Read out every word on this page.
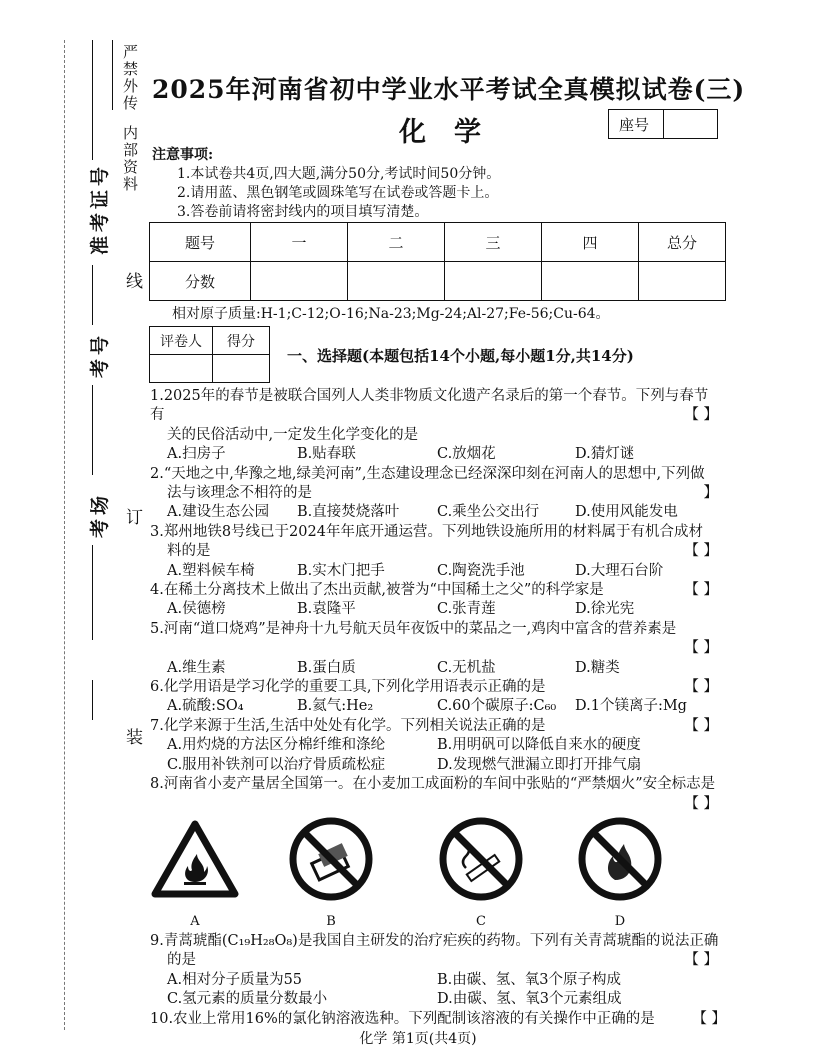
严禁外传
内部资料
准考证号
线
考号
考场 订
装
2025年河南省初中学业水平考试全真模拟试卷(三)
化学	座号
注意事项:
1.本试卷共4页,四大题,满分50分,考试时间50分钟。
2.请用蓝、黑色钢笔或圆珠笔写在试卷或答题卡上。
3.答卷前请将密封线内的项目填写清楚。
题号	一	二	三	四	总分
分数					
相对原子质量:H-1;C-12;O-16;Na-23;Mg-24;Al-27;Fe-56;Cu-64。
评卷人	得分

一、选择题(本题包括14个小题,每小题1分,共14分)
1.2025年的春节是被联合国列人人类非物质文化遗产名录后的第一个春节。下列与春节有
关的民俗活动中,一定发生化学变化的是
【 】
A.扫房子	B.贴春联	C.放烟花	D.猜灯谜
2.“天地之中,华豫之地,绿美河南”,生态建设理念已经深深印刻在河南人的思想中,下列做
法与该理念不相符的是	】
A.建设生态公园	B.直接焚烧落叶	C.乘坐公交出行	D.使用风能发电
3.郑州地铁8号线已于2024年年底开通运营。下列地铁设施所用的材料属于有机合成材
料的是	【 】
A.塑料候车椅	B.实木门把手	C.陶瓷洗手池	D.大理石台阶
4.在稀土分离技术上做出了杰出贡献,被誉为“中国稀土之父”的科学家是	【 】
A.侯德榜	B.袁隆平	C.张青莲	D.徐光宪
5.河南“道口烧鸡”是神舟十九号航天员年夜饭中的菜品之一,鸡肉中富含的营养素是
【 】
A.维生素	B.蛋白质	C.无机盐	D.糖类
6.化学用语是学习化学的重要工具,下列化学用语表示正确的是	【 】
A.硫酸:SO₄	B.氦气:He₂	C.60个碳原子:C₆₀	D.1个镁离子:Mg
7.化学来源于生活,生活中处处有化学。下列相关说法正确的是	【 】
A.用灼烧的方法区分棉纤维和涤纶	B.用明矾可以降低自来水的硬度
C.服用补铁剂可以治疗骨质疏松症	D.发现燃气泄漏立即打开排气扇
8.河南省小麦产量居全国第一。在小麦加工成面粉的车间中张贴的“严禁烟火”安全标志是
【 】
A	B	C	D
9.青蒿琥酯(C₁₉H₂₈O₈)是我国自主研发的治疗疟疾的药物。下列有关青蒿琥酯的说法正确
的是	【 】
A.相对分子质量为55	B.由碳、氢、氧3个原子构成
C.氢元素的质量分数最小	D.由碳、氢、氧3个元素组成
10.农业上常用16%的氯化钠溶液选种。下列配制该溶液的有关操作中正确的是	【 】
化学 第1页(共4页)
